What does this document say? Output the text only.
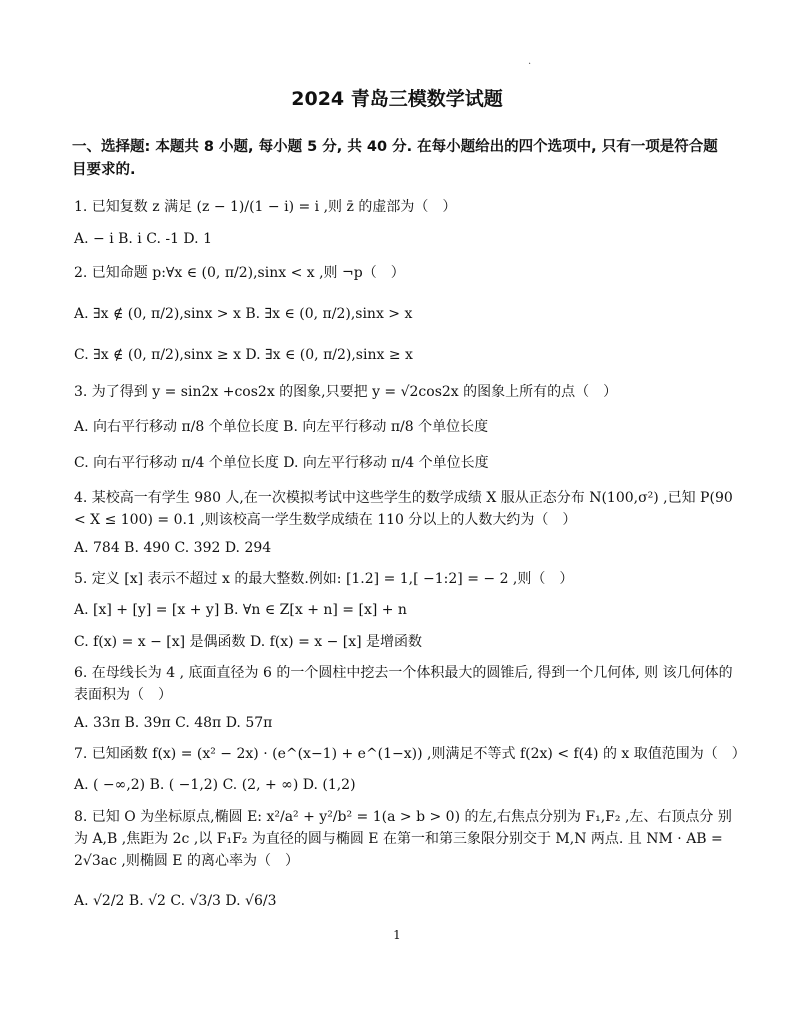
.
2024 青岛三模数学试题
一、选择题: 本题共 8 小题, 每小题 5 分, 共 40 分. 在每小题给出的四个选项中, 只有一项是符合题 目要求的.
1. 已知复数 z 满足 (z − 1)/(1 − i) = i ,则 z̄ 的虚部为（　）
A. − i B. i C. -1 D. 1
2. 已知命题 p:∀x ∈ (0, π/2),sinx < x ,则 ¬p（　）
A. ∃x ∉ (0, π/2),sinx > x B. ∃x ∈ (0, π/2),sinx > x
C. ∃x ∉ (0, π/2),sinx ≥ x D. ∃x ∈ (0, π/2),sinx ≥ x
3. 为了得到 y = sin2x +cos2x 的图象,只要把 y = √2cos2x 的图象上所有的点（　）
A. 向右平行移动 π/8 个单位长度 B. 向左平行移动 π/8 个单位长度
C. 向右平行移动 π/4 个单位长度 D. 向左平行移动 π/4 个单位长度
4. 某校高一有学生 980 人,在一次模拟考试中这些学生的数学成绩 X 服从正态分布 N(100,σ²) ,已知 P(90 < X ≤ 100) = 0.1 ,则该校高一学生数学成绩在 110 分以上的人数大约为（　）
A. 784 B. 490 C. 392 D. 294
5. 定义 [x] 表示不超过 x 的最大整数.例如: [1.2] = 1,[ −1:2] = − 2 ,则（　）
A. [x] + [y] = [x + y] B. ∀n ∈ Z[x + n] = [x] + n
C. f(x) = x − [x] 是偶函数 D. f(x) = x − [x] 是增函数
6. 在母线长为 4 , 底面直径为 6 的一个圆柱中挖去一个体积最大的圆锥后, 得到一个几何体, 则 该几何体的表面积为（　）
A. 33π B. 39π C. 48π D. 57π
7. 已知函数 f(x) = (x² − 2x) · (e^(x−1) + e^(1−x)) ,则满足不等式 f(2x) < f(4) 的 x 取值范围为（　）
A. ( −∞,2) B. ( −1,2) C. (2, + ∞) D. (1,2)
8. 已知 O 为坐标原点,椭圆 E: x²/a² + y²/b² = 1(a > b > 0) 的左,右焦点分别为 F₁,F₂ ,左、右顶点分 别为 A,B ,焦距为 2c ,以 F₁F₂ 为直径的圆与椭圆 E 在第一和第三象限分别交于 M,N 两点. 且 NM · AB = 2√3ac ,则椭圆 E 的离心率为（　）
A. √2/2 B. √2 C. √3/3 D. √6/3
1
